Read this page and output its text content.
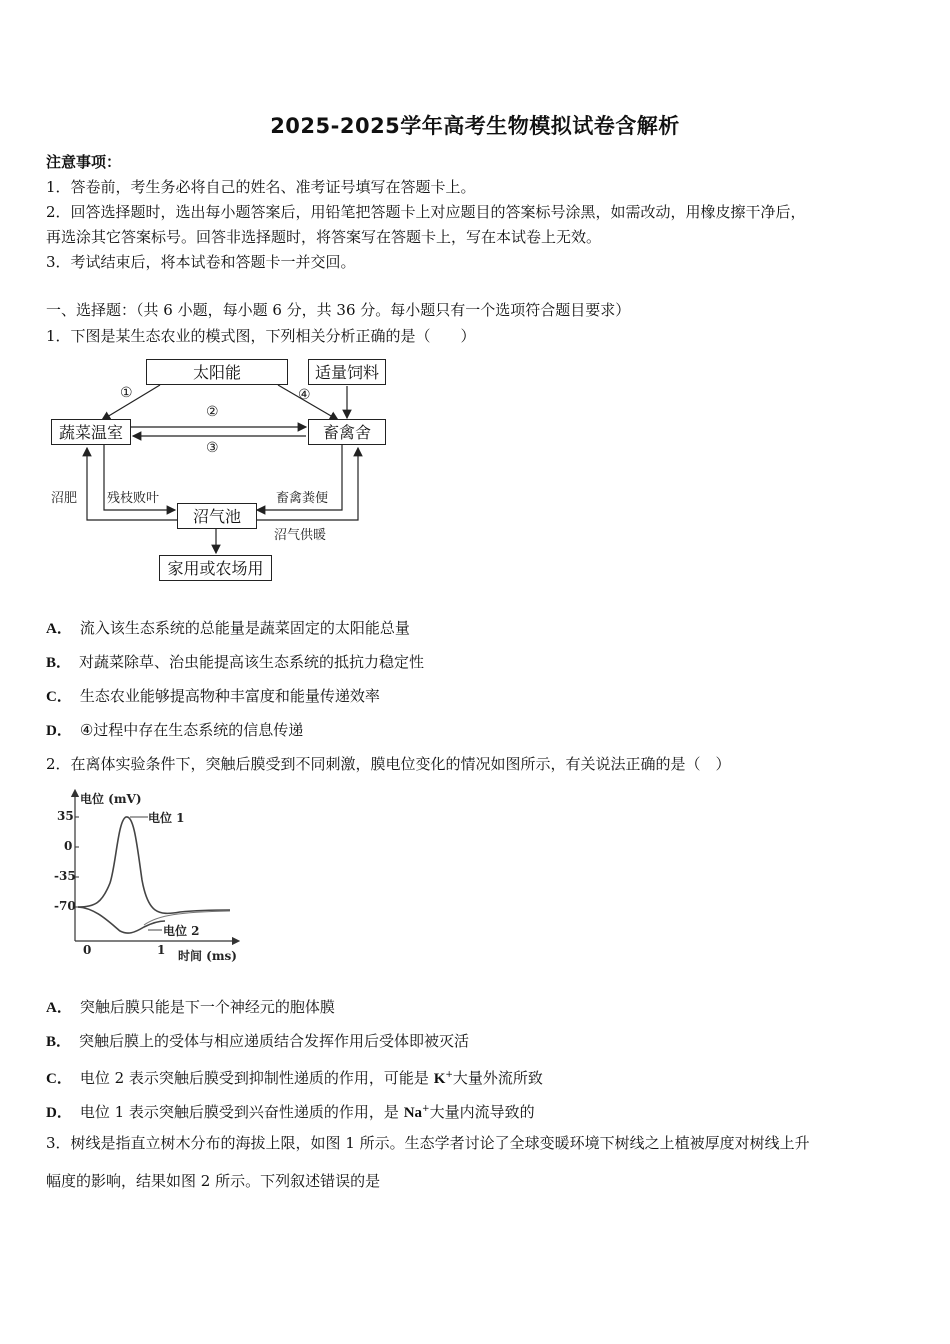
2025-2025学年高考生物模拟试卷含解析
注意事项：
1．答卷前，考生务必将自己的姓名、准考证号填写在答题卡上。
2．回答选择题时，选出每小题答案后，用铅笔把答题卡上对应题目的答案标号涂黑，如需改动，用橡皮擦干净后，
再选涂其它答案标号。回答非选择题时，将答案写在答题卡上，写在本试卷上无效。
3．考试结束后，将本试卷和答题卡一并交回。
一、选择题：（共 6 小题，每小题 6 分，共 36 分。每小题只有一个选项符合题目要求）
1．下图是某生态农业的模式图，下列相关分析正确的是（　　）
太阳能	适量饲料
蔬菜温室	畜禽舍
沼气池
家用或农场用
①
②
③
④
沼肥 残枝败叶	畜禽粪便
沼气供暖
A． 流入该生态系统的总能量是蔬菜固定的太阳能总量
B． 对蔬菜除草、治虫能提高该生态系统的抵抗力稳定性
C． 生态农业能够提高物种丰富度和能量传递效率
D． ④过程中存在生态系统的信息传递
2．在离体实验条件下，突触后膜受到不同刺激，膜电位变化的情况如图所示，有关说法正确的是（　）
电位 (mV)
35
0
-35
-70
0	1 时间 (ms)
电位 1
电位 2
A． 突触后膜只能是下一个神经元的胞体膜
B． 突触后膜上的受体与相应递质结合发挥作用后受体即被灭活
C． 电位 2 表示突触后膜受到抑制性递质的作用，可能是 K+大量外流所致
D． 电位 1 表示突触后膜受到兴奋性递质的作用，是 Na+大量内流导致的
3．树线是指直立树木分布的海拔上限，如图 1 所示。生态学者讨论了全球变暖环境下树线之上植被厚度对树线上升
幅度的影响，结果如图 2 所示。下列叙述错误的是
